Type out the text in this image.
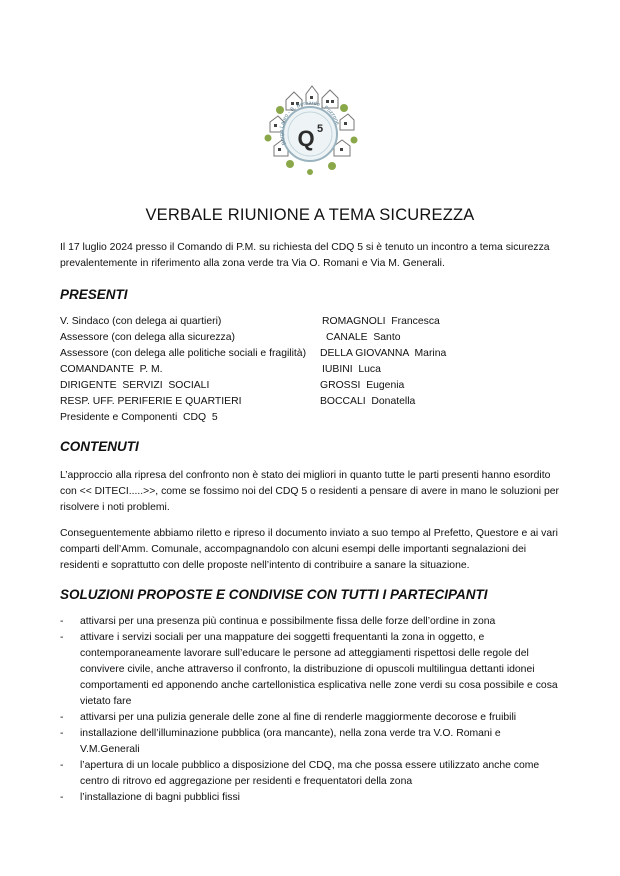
Borgo Lauro - S. Bernardo - Pozzone
Q 5
VERBALE RIUNIONE A TEMA SICUREZZA
Il 17 luglio 2024 presso il Comando di P.M. su richiesta del CDQ 5 si è tenuto un incontro a tema sicurezza prevalentemente in riferimento alla zona verde tra Via O. Romani e Via M. Generali.
PRESENTI
V. Sindaco (con delega ai quartieri)	ROMAGNOLI  Francesca
Assessore (con delega alla sicurezza)	CANALE  Santo
Assessore (con delega alle politiche sociali e fragilità) DELLA GIOVANNA  Marina
COMANDANTE  P. M.	IUBINI  Luca
DIRIGENTE  SERVIZI  SOCIALI	GROSSI  Eugenia
RESP. UFF. PERIFERIE E QUARTIERI	BOCCALI  Donatella
Presidente e Componenti  CDQ  5
CONTENUTI
L’approccio alla ripresa del confronto non è stato dei migliori in quanto tutte le parti presenti hanno esordito con << DITECI.....>>, come se fossimo noi del CDQ 5 o residenti a pensare di avere in mano le soluzioni per risolvere i noti problemi.
Conseguentemente abbiamo riletto e ripreso il documento inviato a suo tempo al Prefetto, Questore e ai vari comparti dell’Amm. Comunale, accompagnandolo con alcuni esempi delle importanti segnalazioni dei residenti e soprattutto con delle proposte nell’intento di contribuire a sanare la situazione.
SOLUZIONI PROPOSTE E CONDIVISE CON TUTTI I PARTECIPANTI
- attivarsi per una presenza più continua e possibilmente fissa delle forze dell’ordine in zona
- attivare i servizi sociali per una mappature dei soggetti frequentanti la zona in oggetto, e contemporaneamente lavorare sull’educare le persone ad atteggiamenti rispettosi delle regole del convivere civile, anche attraverso il confronto, la distribuzione di opuscoli multilingua dettanti idonei comportamenti ed apponendo anche cartellonistica esplicativa nelle zone verdi su cosa possibile e cosa vietato fare
- attivarsi per una pulizia generale delle zone al fine di renderle maggiormente decorose e fruibili
- installazione dell’illuminazione pubblica (ora mancante), nella zona verde tra V.O. Romani e V.M.Generali
- l’apertura di un locale pubblico a disposizione del CDQ, ma che possa essere utilizzato anche come centro di ritrovo ed aggregazione per residenti e frequentatori della zona
- l’installazione di bagni pubblici fissi
